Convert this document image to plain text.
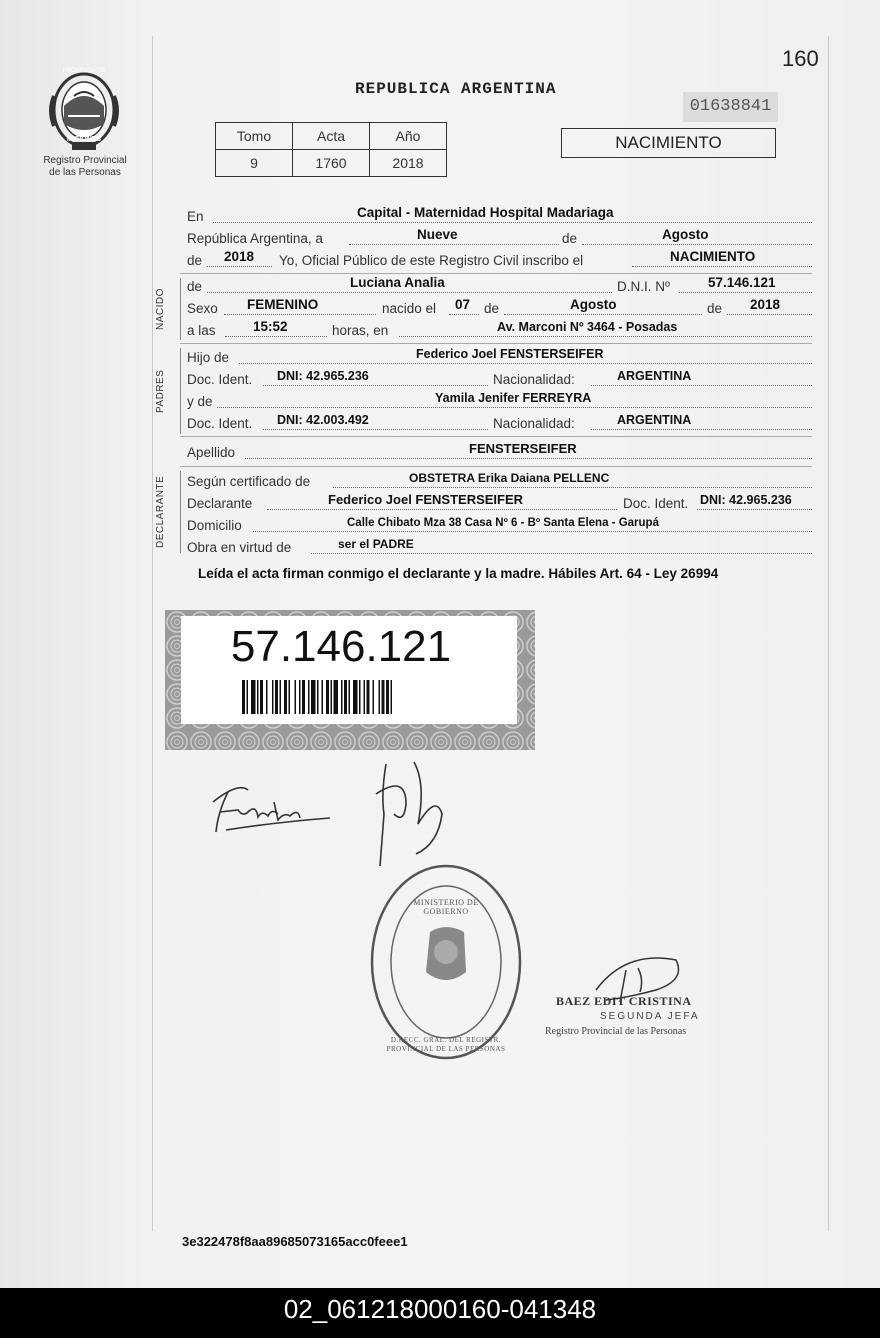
Registro Provincial
de las Personas
PROVINCIA DE
MISIONES
REPUBLICA ARGENTINA
160
01638841
Tomo	Acta	Año
9	1760	2018
NACIMIENTO
En	Capital - Maternidad Hospital Madariaga
República Argentina, a	Nueve	de	Agosto
de 2018 Yo, Oficial Público de este Registro Civil inscribo el	NACIMIENTO
NACIDO
de	Luciana Analia	D.N.I. Nº	57.146.121
Sexo FEMENINO	nacido el 07 de	Agosto	de 2018
a las	15:52	horas, en	Av. Marconi Nº 3464 - Posadas
PADRES
Hijo de	Federico Joel FENSTERSEIFER
Doc. Ident. DNI: 42.965.236	Nacionalidad:	ARGENTINA
y de	Yamila Jenifer FERREYRA
Doc. Ident. DNI: 42.003.492	Nacionalidad:	ARGENTINA
Apellido	FENSTERSEIFER
DECLARANTE	Según certificado de	OBSTETRA Erika Daiana PELLENC
Declarante	Federico Joel FENSTERSEIFER	Doc. Ident. DNI: 42.965.236
Domicilio	Calle Chibato Mza 38 Casa Nº 6 - Bº Santa Elena - Garupá
Obra en virtud de	ser el PADRE
Leída el acta firman conmigo el declarante y la madre. Hábiles Art. 64 - Ley 26994
57.146.121
D.RECC. GRAL. DEL REGISTR. PROVINCIAL DE LAS PERSONAS
MINISTERIO DE GOBIERNO
BAEZ EDIT CRISTINA
SEGUNDA JEFA
Registro Provincial de las Personas
3e322478f8aa89685073165acc0feee1
02_061218000160-041348
